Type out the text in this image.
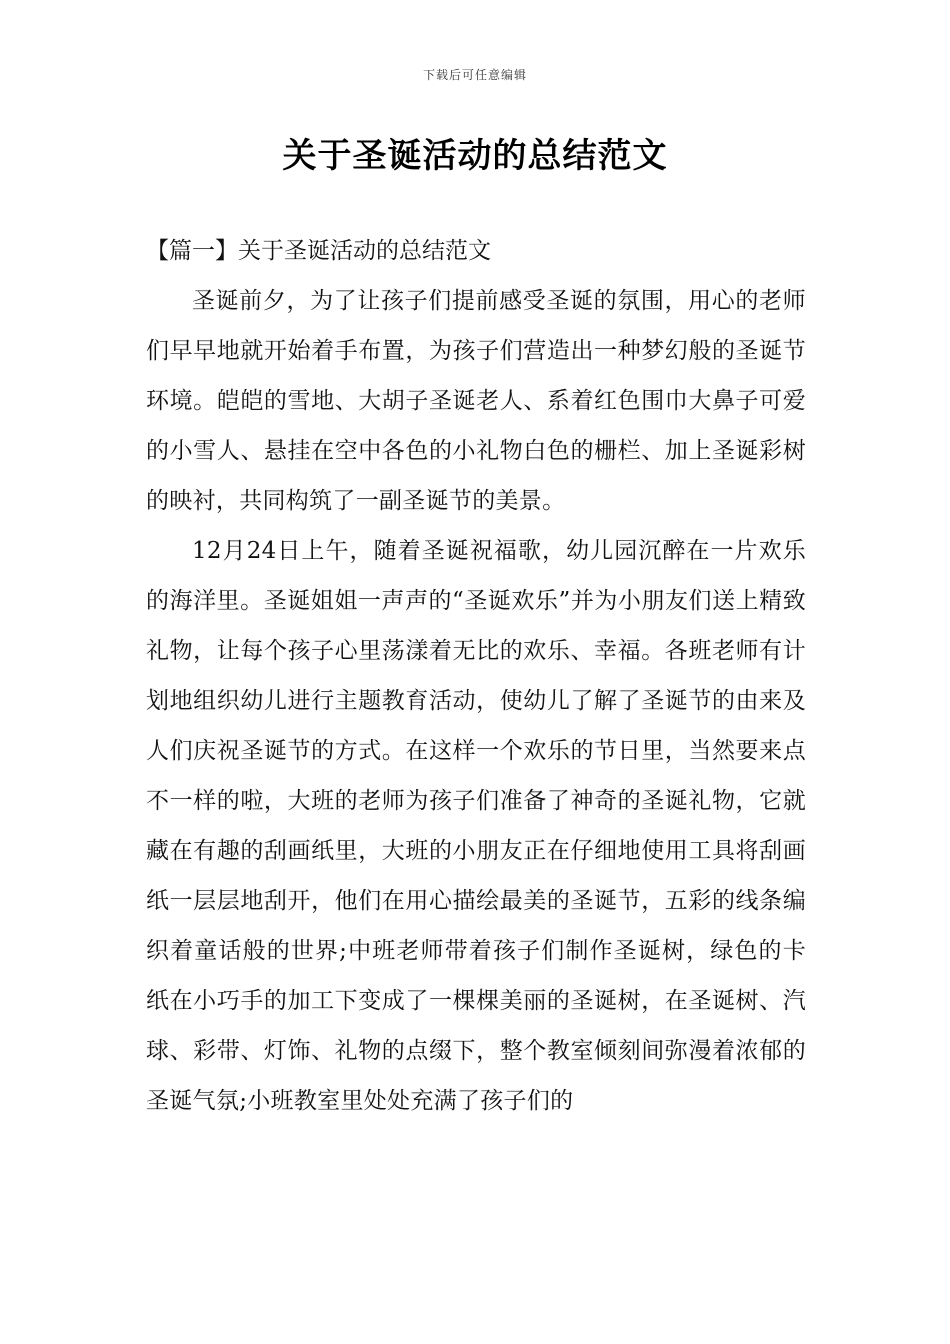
下载后可任意编辑
关于圣诞活动的总结范文

【篇一】关于圣诞活动的总结范文

圣诞前夕，为了让孩子们提前感受圣诞的氛围，用心的老师们早早地就开始着手布置，为孩子们营造出一种梦幻般的圣诞节环境。皑皑的雪地、大胡子圣诞老人、系着红色围巾大鼻子可爱的小雪人、悬挂在空中各色的小礼物白色的栅栏、加上圣诞彩树的映衬，共同构筑了一副圣诞节的美景。

12月24日上午，随着圣诞祝福歌，幼儿园沉醉在一片欢乐的海洋里。圣诞姐姐一声声的“圣诞欢乐”并为小朋友们送上精致礼物，让每个孩子心里荡漾着无比的欢乐、幸福。各班老师有计划地组织幼儿进行主题教育活动，使幼儿了解了圣诞节的由来及人们庆祝圣诞节的方式。在这样一个欢乐的节日里，当然要来点不一样的啦，大班的老师为孩子们准备了神奇的圣诞礼物，它就藏在有趣的刮画纸里，大班的小朋友正在仔细地使用工具将刮画纸一层层地刮开，他们在用心描绘最美的圣诞节，五彩的线条编织着童话般的世界;中班老师带着孩子们制作圣诞树，绿色的卡纸在小巧手的加工下变成了一棵棵美丽的圣诞树，在圣诞树、汽球、彩带、灯饰、礼物的点缀下，整个教室倾刻间弥漫着浓郁的圣诞气氛;小班教室里处处充满了孩子们的
